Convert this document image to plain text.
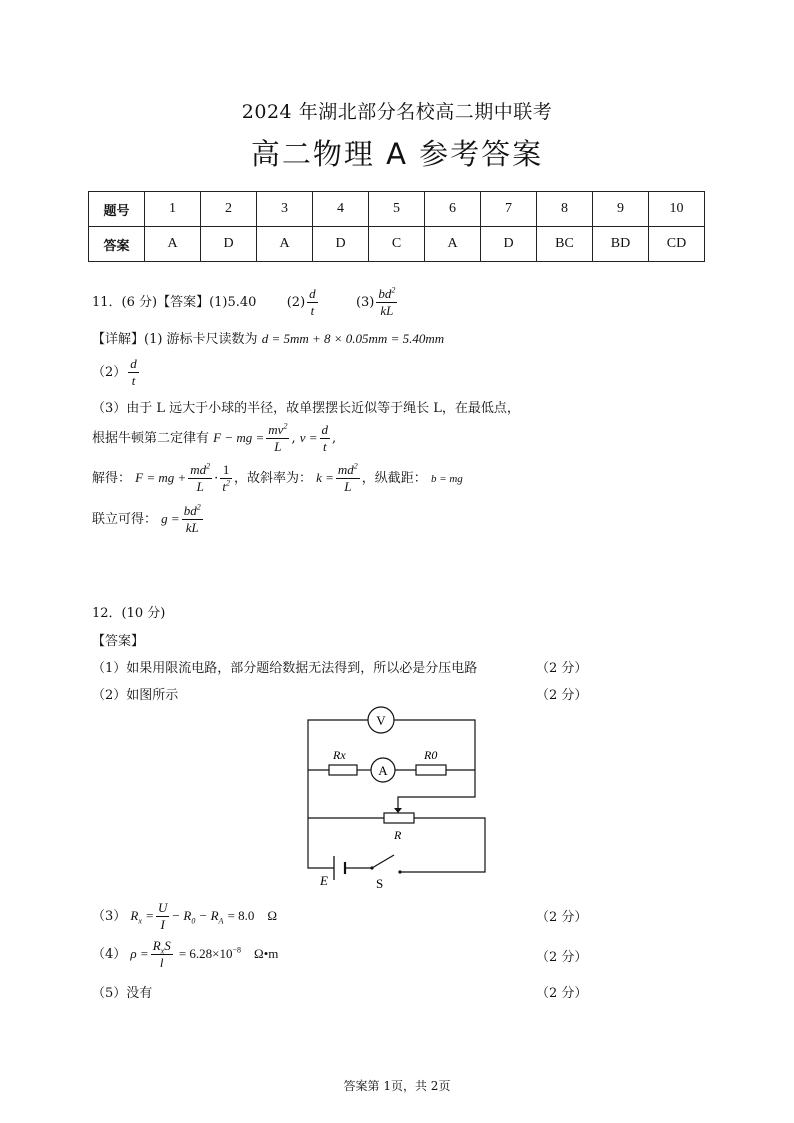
2024 年湖北部分名校高二期中联考
高二物理 A 参考答案
题号	1	2	3	4	5	6	7	8	9	10
答案	A	D	A	D	C	A	D	BC	BD	CD
11．(6 分)【答案】(1)5.40 $(2) \frac{d}{t}$	$(3) \frac{bd^2}{kL}$
【详解】(1) 游标卡尺读数为 d = 5mm + 8 × 0.05mm = 5.40mm
$(2) \frac{d}{t}$
（3）由于 L 远大于小球的半径，故单摆摆长近似等于绳长 L，在最低点，
根据牛顿第二定律有 F − mg = $\frac{mv^2}{L}$ , $v = \frac{d}{t}$ ,
解得： F = mg + $\frac{md^2}{L} \cdot \frac{1}{t^2}$ ，故斜率为： $k = \frac{md^2}{L}$ ，纵截距： b = mg
联立可得： $g = \frac{bd^2}{kL}$
12．(10 分)
【答案】
（1）如果用限流电路，部分题给数据无法得到，所以必是分压电路	（2 分）
（2）如图所示	（2 分）
V
Rx
A
R0
R
E	S
（3） $R_x = \frac{U}{I} - R_0 - R_A = 8.0$　Ω	（2 分）
（4） $\rho = \frac{R_xS}{l} = 6.28\times 10^{-8}$　Ω•m	（2 分）
（5）没有	（2 分）
答案第 1页，共 2页
